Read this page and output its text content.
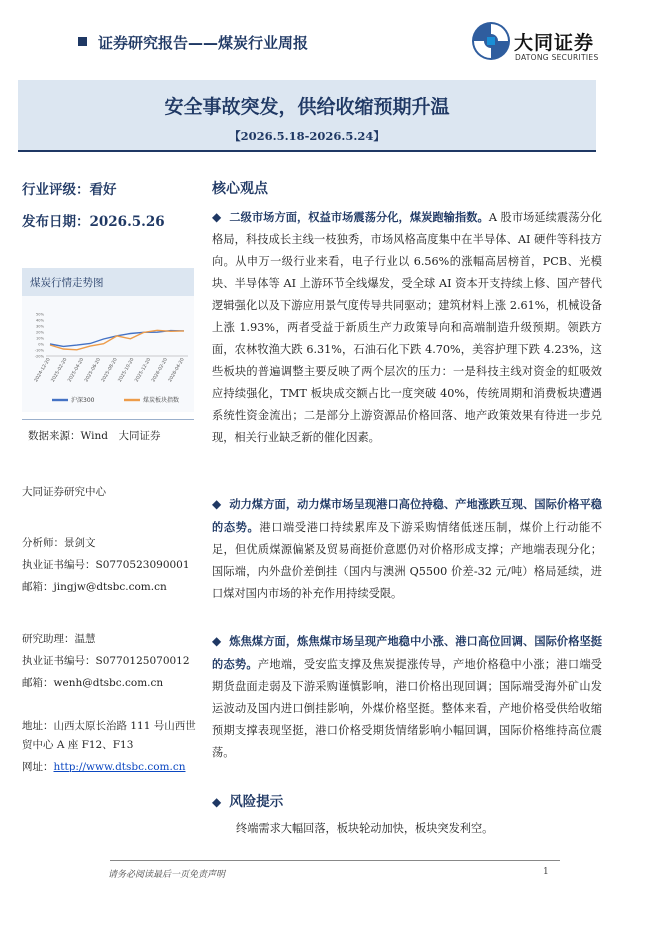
证券研究报告——煤炭行业周报	大同证券
DATONG SECURITIES
安全事故突发，供给收缩预期升温
【2026.5.18-2026.5.24】
行业评级：看好
发布日期：2026.5.26
煤炭行情走势图
50%
40%
30%
20%
10%
0%
-10%
-20%
2024-12-20 2025-02-20 2025-04-20 2025-06-20 2025-08-20 2025-10-20 2025-12-20 2026-02-20 2026-04-20
沪深300	煤炭板块指数
数据来源：Wind　大同证券
大同证券研究中心
分析师：景剑文
执业证书编号：S0770523090001
邮箱：jingjw@dtsbc.com.cn
研究助理：温慧
执业证书编号：S0770125070012
邮箱：wenh@dtsbc.com.cn
地址：山西太原长治路 111 号山西世贸中心 A 座 F12、F13
网址：http://www.dtsbc.com.cn
核心观点
◆ 二级市场方面，权益市场震荡分化，煤炭跑输指数。A 股市场延续震荡分化格局，科技成长主线一枝独秀，市场风格高度集中在半导体、AI 硬件等科技方向。从申万一级行业来看，电子行业以 6.56%的涨幅高居榜首，PCB、光模块、半导体等 AI 上游环节全线爆发，受全球 AI 资本开支持续上修、国产替代逻辑强化以及下游应用景气度传导共同驱动；建筑材料上涨 2.61%，机械设备上涨 1.93%，两者受益于新质生产力政策导向和高端制造升级预期。领跌方面，农林牧渔大跌 6.31%，石油石化下跌 4.70%，美容护理下跌 4.23%，这些板块的普遍调整主要反映了两个层次的压力：一是科技主线对资金的虹吸效应持续强化，TMT 板块成交额占比一度突破 40%，传统周期和消费板块遭遇系统性资金流出；二是部分上游资源品价格回落、地产政策效果有待进一步兑现，相关行业缺乏新的催化因素。
◆ 动力煤方面，动力煤市场呈现港口高位持稳、产地涨跌互现、国际价格平稳的态势。港口端受港口持续累库及下游采购情绪低迷压制，煤价上行动能不足，但优质煤源偏紧及贸易商挺价意愿仍对价格形成支撑；产地端表现分化；国际端，内外盘价差倒挂（国内与澳洲 Q5500 价差-32 元/吨）格局延续，进口煤对国内市场的补充作用持续受限。
◆ 炼焦煤方面，炼焦煤市场呈现产地稳中小涨、港口高位回调、国际价格坚挺的态势。产地端，受安监支撑及焦炭提涨传导，产地价格稳中小涨；港口端受期货盘面走弱及下游采购谨慎影响，港口价格出现回调；国际端受海外矿山发运波动及国内进口倒挂影响，外煤价格坚挺。整体来看，产地价格受供给收缩预期支撑表现坚挺，港口价格受期货情绪影响小幅回调，国际价格维持高位震荡。
◆ 风险提示
终端需求大幅回落，板块轮动加快，板块突发利空。
请务必阅读最后一页免责声明	1
